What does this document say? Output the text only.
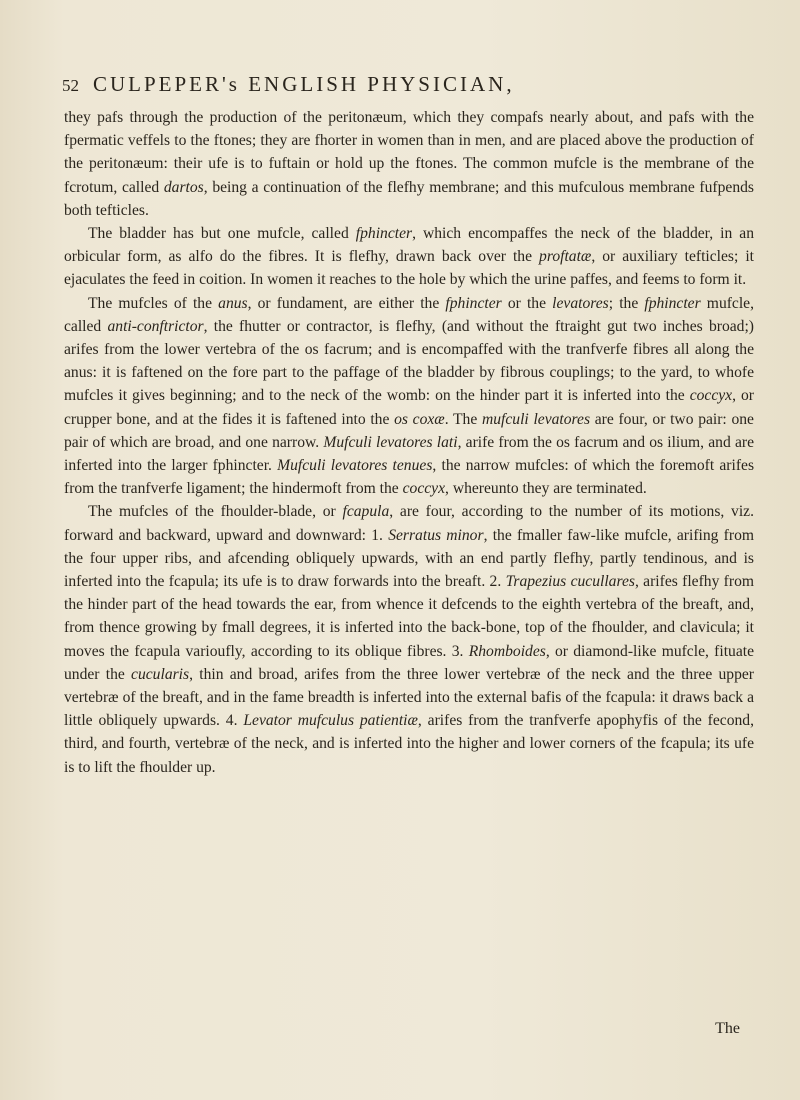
52 CULPEPER's ENGLISH PHYSICIAN,

they pafs through the production of the peritonæum, which they compafs nearly about, and pafs with the fpermatic veffels to the ftones; they are fhorter in women than in men, and are placed above the production of the peritonæum: their ufe is to fuftain or hold up the ftones. The common mufcle is the membrane of the fcrotum, called dartos, being a continuation of the flefhy membrane; and this mufculous membrane fufpends both tefticles.

The bladder has but one mufcle, called fphincter, which encompaffes the neck of the bladder, in an orbicular form, as alfo do the fibres. It is flefhy, drawn back over the proftatæ, or auxiliary tefticles; it ejaculates the feed in coition. In women it reaches to the hole by which the urine paffes, and feems to form it.

The mufcles of the anus, or fundament, are either the fphincter or the levatores; the fphincter mufcle, called anti-conftrictor, the fhutter or contractor, is flefhy, (and without the ftraight gut two inches broad;) arifes from the lower vertebra of the os facrum; and is encompaffed with the tranfverfe fibres all along the anus: it is faftened on the fore part to the paffage of the bladder by fibrous couplings; to the yard, to whofe mufcles it gives beginning; and to the neck of the womb: on the hinder part it is inferted into the coccyx, or crupper bone, and at the fides it is faftened into the os coxæ. The mufculi levatores are four, or two pair: one pair of which are broad, and one narrow. Mufculi levatores lati, arife from the os facrum and os ilium, and are inferted into the larger fphincter. Mufculi levatores tenues, the narrow mufcles: of which the foremoft arifes from the tranfverfe ligament; the hindermoft from the coccyx, whereunto they are terminated.

The mufcles of the fhoulder-blade, or fcapula, are four, according to the number of its motions, viz. forward and backward, upward and downward: 1. Serratus minor, the fmaller faw-like mufcle, arifing from the four upper ribs, and afcending obliquely upwards, with an end partly flefhy, partly tendinous, and is inferted into the fcapula; its ufe is to draw forwards into the breaft. 2. Trapezius cucullares, arifes flefhy from the hinder part of the head towards the ear, from whence it defcends to the eighth vertebra of the breaft, and, from thence growing by fmall degrees, it is inferted into the back-bone, top of the fhoulder, and clavicula; it moves the fcapula varioufly, according to its oblique fibres. 3. Rhomboides, or diamond-like mufcle, fituate under the cucularis, thin and broad, arifes from the three lower vertebræ of the neck and the three upper vertebræ of the breaft, and in the fame breadth is inferted into the external bafis of the fcapula: it draws back a little obliquely upwards. 4. Levator mufculus patientiæ, arifes from the tranfverfe apophyfis of the fecond, third, and fourth, vertebræ of the neck, and is inferted into the higher and lower corners of the fcapula; its ufe is to lift the fhoulder up.

The
